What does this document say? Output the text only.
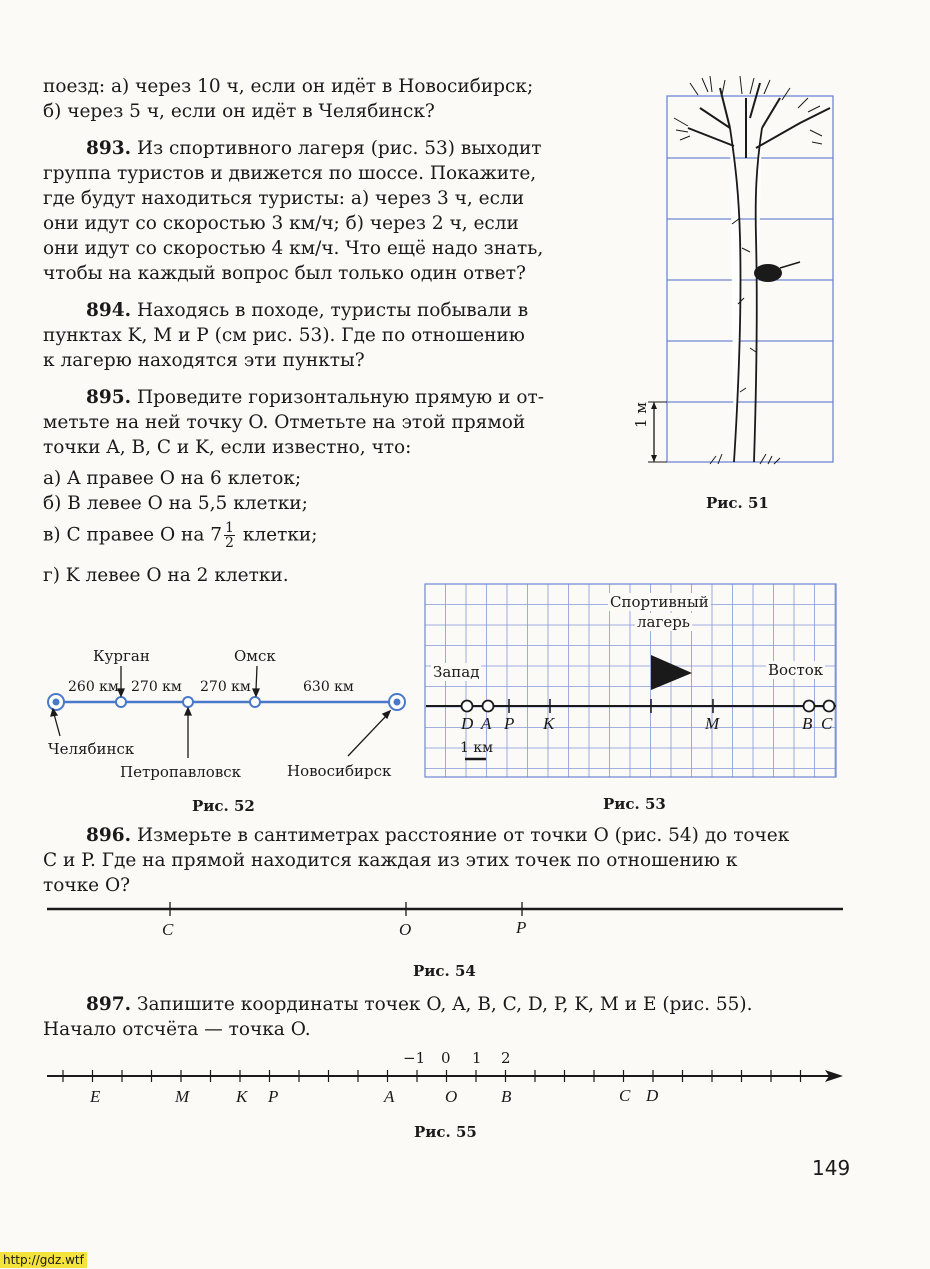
поезд: а) через 10 ч, если он идёт в Новосибирск;
б) через 5 ч, если он идёт в Челябинск?
893. Из спортивного лагеря (рис. 53) выходит
группа туристов и движется по шоссе. Покажите,
где будут находиться туристы: а) через 3 ч, если
они идут со скоростью 3 км/ч; б) через 2 ч, если
они идут со скоростью 4 км/ч. Что ещё надо знать,
чтобы на каждый вопрос был только один ответ?
894. Находясь в походе, туристы побывали в
пунктах K, M и P (см рис. 53). Где по отношению
к лагерю находятся эти пункты?
895. Проведите горизонтальную прямую и от-
метьте на ней точку O. Отметьте на этой прямой
точки A, B, C и K, если известно, что:
а) A правее O на 6 клеток;
б) B левее O на 5,5 клетки;
в) C правее O на $7 \frac{1}{2}$ клетки;
г) K левее O на 2 клетки.
1 м
Рис. 51
Курган	Омск
Челябинск
Петропавловск	Новосибирск
260 км 270 км 270 км	630 км
Рис. 52
Спортивный
лагерь
Запад	Восток
D A P K	M	B C
1 км
Рис. 53
896. Измерьте в сантиметрах расстояние от точки O (рис. 54) до точек
C и P. Где на прямой находится каждая из этих точек по отношению к
точке O?
C	O	P
Рис. 54
897. Запишите координаты точек O, A, B, C, D, P, K, M и E (рис. 55).
Начало отсчёта — точка O.
−1 0 1 2
E	M	K P	A	O	B	C D
Рис. 55
149
http://gdz.wtf
